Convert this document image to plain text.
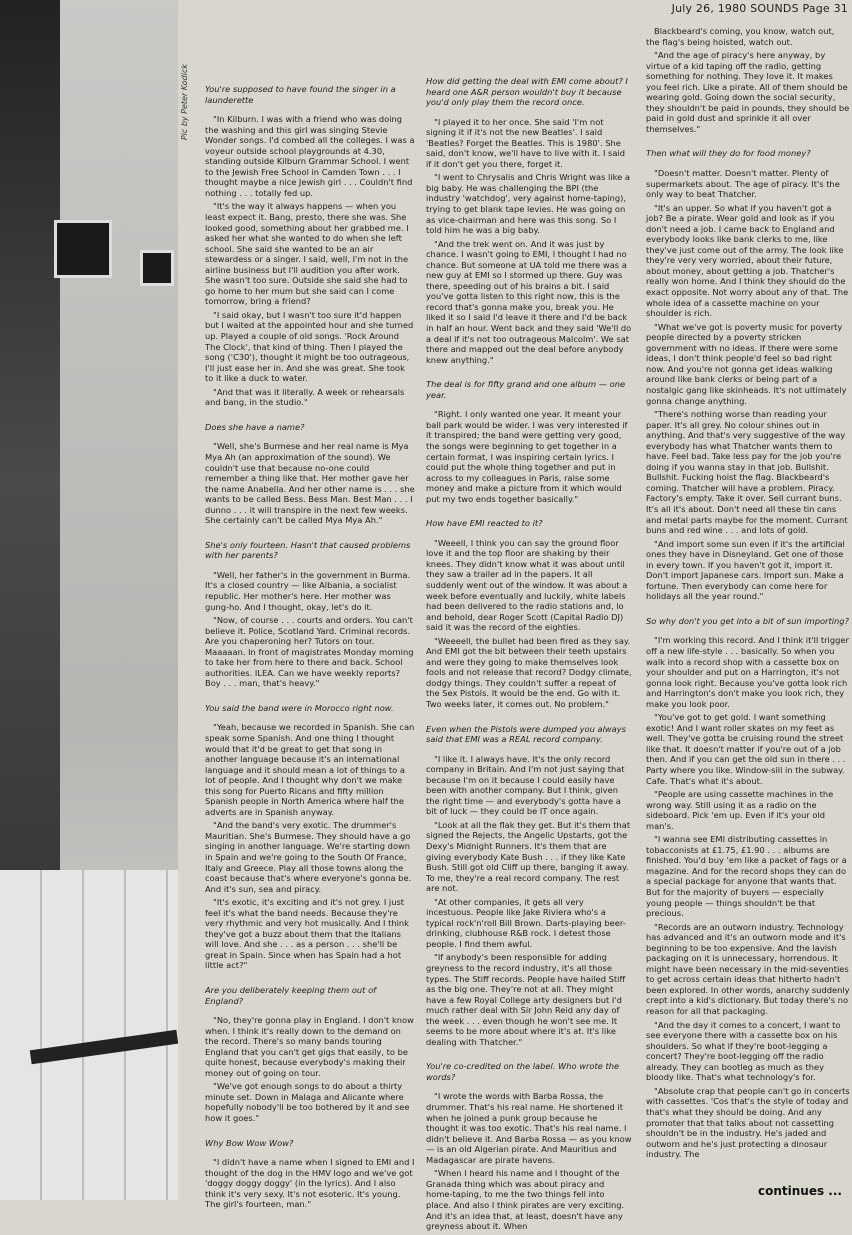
Pic by Peter Kodick
July 26, 1980 SOUNDS Page 31

You're supposed to have found the singer in a launderette

"In Kilburn. I was with a friend who was doing the washing and this girl was singing Stevie Wonder songs. I'd combed all the colleges. I was a voyeur outside school playgrounds at 4.30, standing outside Kilburn Grammar School. I went to the Jewish Free School in Camden Town . . . I thought maybe a nice Jewish girl . . . Couldn't find nothing . . . totally fed up.

"It's the way it always happens — when you least expect it. Bang, presto, there she was. She looked good, something about her grabbed me. I asked her what she wanted to do when she left school. She said she wanted to be an air stewardess or a singer. I said, well, I'm not in the airline business but I'll audition you after work. She wasn't too sure. Outside she said she had to go home to her mum but she said can I come tomorrow, bring a friend?

"I said okay, but I wasn't too sure it'd happen but I waited at the appointed hour and she turned up. Played a couple of old songs. 'Rock Around The Clock', that kind of thing. Then I played the song ('C30'), thought it might be too outrageous, I'll just ease her in. And she was great. She took to it like a duck to water.

"And that was it literally. A week or rehearsals and bang, in the studio."

Does she have a name?

"Well, she's Burmese and her real name is Mya Mya Ah (an approximation of the sound). We couldn't use that because no-one could remember a thing like that. Her mother gave her the name Anabella. And her other name is . . . she wants to be called Bess. Bess Man. Best Man . . . I dunno . . . it will transpire in the next few weeks. She certainly can't be called Mya Mya Ah."

She's only fourteen. Hasn't that caused problems with her parents?

"Well, her father's in the government in Burma. It's a closed country — like Albania, a socialist republic. Her mother's here. Her mother was gung-ho. And I thought, okay, let's do it.

"Now, of course . . . courts and orders. You can't believe it. Police, Scotland Yard. Criminal records. Are you chaperoning her? Tutors on tour. Maaaaan. In front of magistrates Monday morning to take her from here to there and back. School authorities. ILEA. Can we have weekly reports? Boy . . . man, that's heavy."

You said the band were in Morocco right now.

"Yeah, because we recorded in Spanish. She can speak some Spanish. And one thing I thought would that it'd be great to get that song in another language because it's an international language and it should mean a lot of things to a lot of people. And I thought why don't we make this song for Puerto Ricans and fifty million Spanish people in North America where half the adverts are in Spanish anyway.

"And the band's very exotic. The drummer's Mauritian. She's Burmese. They should have a go singing in another language. We're starting down in Spain and we're going to the South Of France, Italy and Greece. Play all those towns along the coast because that's where everyone's gonna be. And it's sun, sea and piracy.

"It's exotic, it's exciting and it's not grey. I just feel it's what the band needs. Because they're very rhythmic and very hot musically. And I think they've got a buzz about them that the Italians will love. And she . . . as a person . . . she'll be great in Spain. Since when has Spain had a hot little act?"

Are you deliberately keeping them out of England?

"No, they're gonna play in England. I don't know when. I think it's really down to the demand on the record. There's so many bands touring England that you can't get gigs that easily, to be quite honest, because everybody's making their money out of going on tour.

"We've got enough songs to do about a thirty minute set. Down in Malaga and Alicante where hopefully nobody'll be too bothered by it and see how it goes."

Why Bow Wow Wow?

"I didn't have a name when I signed to EMI and I thought of the dog in the HMV logo and we've got 'doggy doggy doggy' (in the lyrics). And I also think it's very sexy. It's not esoteric. It's young. The girl's fourteen, man."

How did getting the deal with EMI come about? I heard one A&R person wouldn't buy it because you'd only play them the record once.

"I played it to her once. She said 'I'm not signing it if it's not the new Beatles'. I said 'Beatles? Forget the Beatles. This is 1980'. She said, don't know, we'll have to live with it. I said if it don't get you there, forget it.

"I went to Chrysalis and Chris Wright was like a big baby. He was challenging the BPI (the industry 'watchdog', very against home-taping), trying to get blank tape levies. He was going on as vice-chairman and here was this song. So I told him he was a big baby.

"And the trek went on. And it was just by chance. I wasn't going to EMI, I thought I had no chance. But someone at UA told me there was a new guy at EMI so I stormed up there. Guy was there, speeding out of his brains a bit. I said you've gotta listen to this right now, this is the record that's gonna make you, break you. He liked it so I said I'd leave it there and I'd be back in half an hour. Went back and they said 'We'll do a deal if it's not too outrageous Malcolm'. We sat there and mapped out the deal before anybody knew anything."

The deal is for fifty grand and one album — one year.

"Right. I only wanted one year. It meant your ball park would be wider. I was very interested if it transpired; the band were getting very good, the songs were beginning to get together in a certain format, I was inspiring certain lyrics. I could put the whole thing together and put in across to my colleagues in Paris, raise some money and make a picture from it which would put my two ends together basically."

How have EMI reacted to it?

"Weeell, I think you can say the ground floor love it and the top floor are shaking by their knees. They didn't know what it was about until they saw a trailer ad in the papers. It all suddenly went out of the window. It was about a week before eventually and luckily, white labels had been delivered to the radio stations and, lo and behold, dear Roger Scott (Capital Radio DJ) said it was the record of the eighties.

"Weeeell, the bullet had been fired as they say. And EMI got the bit between their teeth upstairs and were they going to make themselves look fools and not release that record? Dodgy climate, dodgy things. They couldn't suffer a repeat of the Sex Pistols. It would be the end. Go with it. Two weeks later, it comes out. No problem."

Even when the Pistols were dumped you always said that EMI was a REAL record company.

"I like it. I always have. It's the only record company in Britain. And I'm not just saying that because I'm on it because I could easily have been with another company. But I think, given the right time — and everybody's gotta have a bit of luck — they could be IT once again.

"Look at all the flak they get. But it's them that signed the Rejects, the Angelic Upstarts, got the Dexy's Midnight Runners. It's them that are giving everybody Kate Bush . . . if they like Kate Bush. Still got old Cliff up there, banging it away. To me, they're a real record company. The rest are not.

"At other companies, it gets all very incestuous. People like Jake Riviera who's a typical rock'n'roll Bill Brown. Darts-playing beer-drinking, clubhouse R&B rock. I detest those people. I find them awful.

"If anybody's been responsible for adding greyness to the record industry, it's all those types. The Stiff records. People have hailed Stiff as the big one. They're not at all. They might have a few Royal College arty designers but I'd much rather deal with Sir John Reid any day of the week . . . even though he won't see me. It seems to be more about where it's at. It's like dealing with Thatcher."

You're co-credited on the label. Who wrote the words?

"I wrote the words with Barba Rossa, the drummer. That's his real name. He shortened it when he joined a punk group because he thought it was too exotic. That's his real name. I didn't believe it. And Barba Rossa — as you know — is an old Algerian pirate. And Mauritius and Madagascar are pirate havens.

"When I heard his name and I thought of the Granada thing which was about piracy and home-taping, to me the two things fell into place. And also I think pirates are very exciting. And it's an idea that, at least, doesn't have any greyness about it. When

Blackbeard's coming, you know, watch out, the flag's being hoisted, watch out.

"And the age of piracy's here anyway, by virtue of a kid taping off the radio, getting something for nothing. They love it. It makes you feel rich. Like a pirate. All of them should be wearing gold. Going down the social security, they shouldn't be paid in pounds, they should be paid in gold dust and sprinkle it all over themselves."

Then what will they do for food money?

"Doesn't matter. Doesn't matter. Plenty of supermarkets about. The age of piracy. It's the only way to beat Thatcher.

"It's an upper. So what if you haven't got a job? Be a pirate. Wear gold and look as if you don't need a job. I came back to England and everybody looks like bank clerks to me, like they've just come out of the army. The look like they're very very worried, about their future, about money, about getting a job. Thatcher's really won home. And I think they should do the exact opposite. Not worry about any of that. The whole idea of a cassette machine on your shoulder is rich.

"What we've got is poverty music for poverty people directed by a poverty stricken government with no ideas. If there were some ideas, I don't think people'd feel so bad right now. And you're not gonna get ideas walking around like bank clerks or being part of a nostalgic gang like skinheads. It's not ultimately gonna change anything.

"There's nothing worse than reading your paper. It's all grey. No colour shines out in anything. And that's very suggestive of the way everybody has what Thatcher wants them to have. Feel bad. Take less pay for the job you're doing if you wanna stay in that job. Bullshit. Bullshit. Fucking hoist the flag. Blackbeard's coming. Thatcher will have a problem. Piracy. Factory's empty. Take it over. Sell currant buns. It's all it's about. Don't need all these tin cans and metal parts maybe for the moment. Currant buns and red wine . . . and lots of gold.

"And import some sun even if it's the artificial ones they have in Disneyland. Get one of those in every town. If you haven't got it, import it. Don't import Japanese cars. Import sun. Make a fortune. Then everybody can come here for holidays all the year round."

So why don't you get into a bit of sun importing?

"I'm working this record. And I think it'll trigger off a new life-style . . . basically. So when you walk into a record shop with a cassette box on your shoulder and put on a Harrington, it's not gonna look right. Because you've gotta look rich and Harrington's don't make you look rich, they make you look poor.

"You've got to get gold. I want something exotic! And I want roller skates on my feet as well. They've gotta be cruising round the street like that. It doesn't matter if you're out of a job then. And if you can get the old sun in there . . . Party where you like. Window-sill in the subway. Cafe. That's what it's about.

"People are using cassette machines in the wrong way. Still using it as a radio on the sideboard. Pick 'em up. Even if it's your old man's.

"I wanna see EMI distributing cassettes in tobacconists at £1.75, £1.90 . . . albums are finished. You'd buy 'em like a packet of fags or a magazine. And for the record shops they can do a special package for anyone that wants that. But for the majority of buyers — especially young people — things shouldn't be that precious.

"Records are an outworn industry. Technology has advanced and it's an outworn mode and it's beginning to be too expensive. And the lavish packaging on it is unnecessary, horrendous. It might have been necessary in the mid-seventies to get across certain ideas that hitherto hadn't been explored. In other words, anarchy suddenly crept into a kid's dictionary. But today there's no reason for all that packaging.

"And the day it comes to a concert, I want to see everyone there with a cassette box on his shoulders. So what if they're boot-legging a concert? They're boot-legging off the radio already. They can bootleg as much as they bloody like. That's what technology's for.

"Absolute crap that people can't go in concerts with cassettes. 'Cos that's the style of today and that's what they should be doing. And any promoter that that talks about not cassetting shouldn't be in the industry. He's jaded and outworn and he's just protecting a dinosaur industry. The

continues ...
